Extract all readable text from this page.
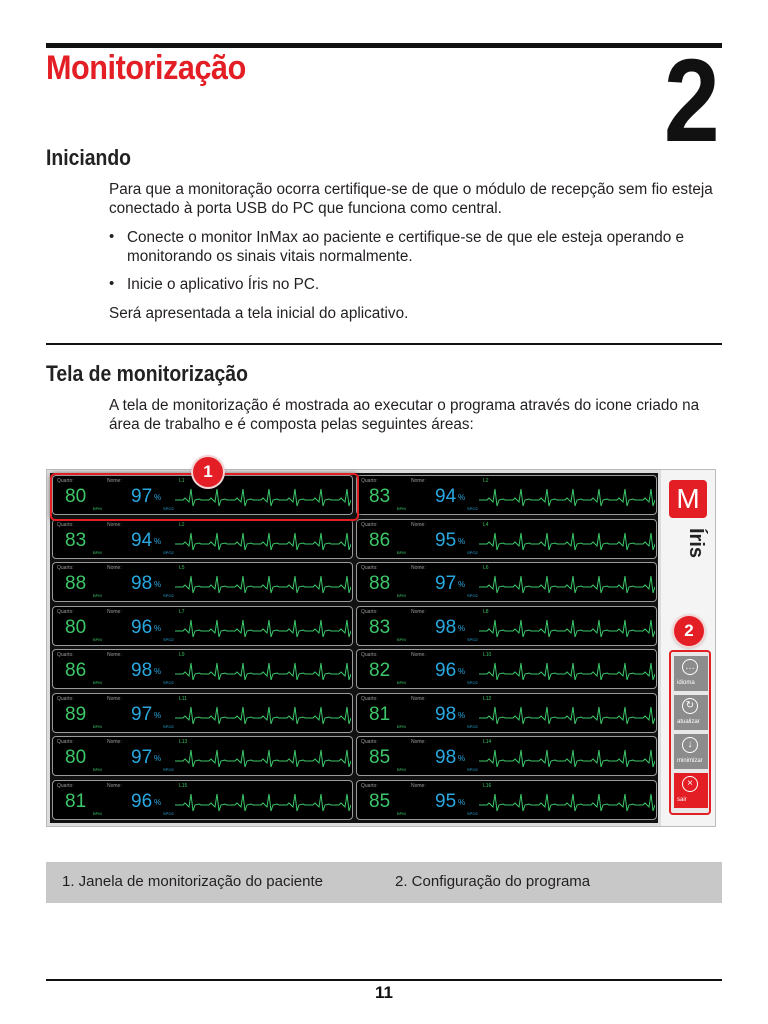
Monitorização	2
Iniciando
Para que a monitoração ocorra certifique-se de que o módulo de recepção sem fio esteja conectado à porta USB do PC que funciona como central.
• Conecte o monitor InMax ao paciente e certifique-se de que ele esteja operando e monitorando os sinais vitais normalmente.
• Inicie o aplicativo Íris no PC.
Será apresentada a tela inicial do aplicativo.
Tela de monitorização
A tela de monitorização é mostrada ao executar o programa através do icone criado na área de trabalho e é composta pelas seguintes áreas:
Quarto:	Nome:	L1
80
BPM
97 %
SPO2
Quarto:	Nome:	L2
83
BPM
94 %
SPO2
Quarto:	Nome:	L2
83
BPM
94 %
SPO2
Quarto:	Nome:	L4
86
BPM
95 %
SPO2
Quarto:	Nome:	L5
88
BPM
98 %
SPO2
Quarto:	Nome:	L6
88
BPM
97 %
SPO2
Quarto:	Nome:	L7
80
BPM
96 %
SPO2
Quarto:	Nome:	L8
83
BPM
98 %
SPO2
Quarto:	Nome:	L9
86
BPM
98 %
SPO2
Quarto:	Nome:	L10
82
BPM
96 %
SPO2
Quarto:	Nome:	L11
89
BPM
97 %
SPO2
Quarto:	Nome:	L12
81
BPM
98 %
SPO2
Quarto:	Nome:	L13
80
BPM
97 %
SPO2
Quarto:	Nome:	L14
85
BPM
98 %
SPO2
Quarto:	Nome:	L15
81
BPM
96 %
SPO2
Quarto:	Nome:	L16
85
BPM
95 %
SPO2
M
Íris
…
idioma
↻
atualizar
↓
minimizar
×
sair
1
2
1. Janela de monitorização do paciente	2. Configuração do programa
11
